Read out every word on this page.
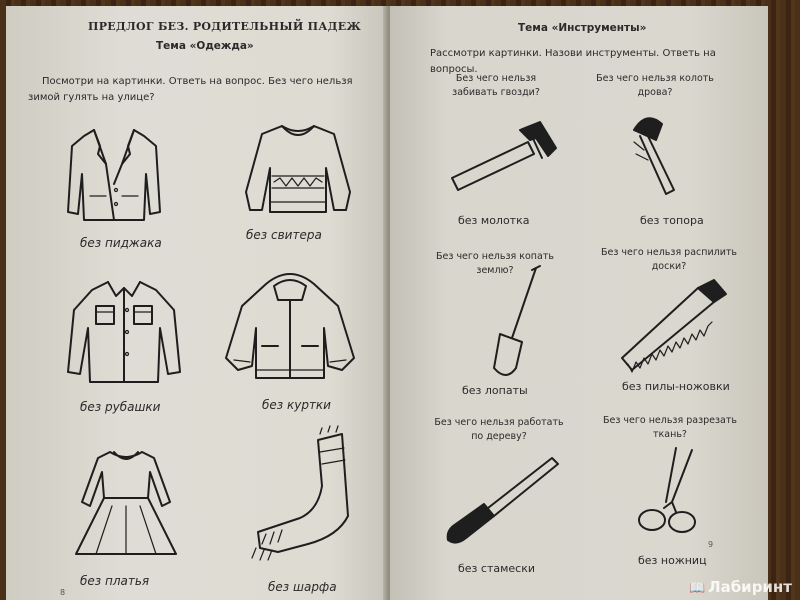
ПРЕДЛОГ БЕЗ. РОДИТЕЛЬНЫЙ ПАДЕЖ
Тема «Одежда»
Посмотри на картинки. Ответь на вопрос. Без чего нельзя зимой гулять на улице?
без пиджака
без свитера
без рубашки	без куртки
без платья	без шарфа
8
Тема «Инструменты»
Рассмотри картинки. Назови инструменты. Ответь на вопросы.
Без чего нельзя забивать гвозди?
без молотка
Без чего нельзя колоть дрова?
без топора
Без чего нельзя копать землю?
без лопаты
Без чего нельзя распилить доски?
без пилы-ножовки
Без чего нельзя работать по дереву?
без стамески
Без чего нельзя разрезать ткань?
без ножниц
9
📖 Лабиринт
